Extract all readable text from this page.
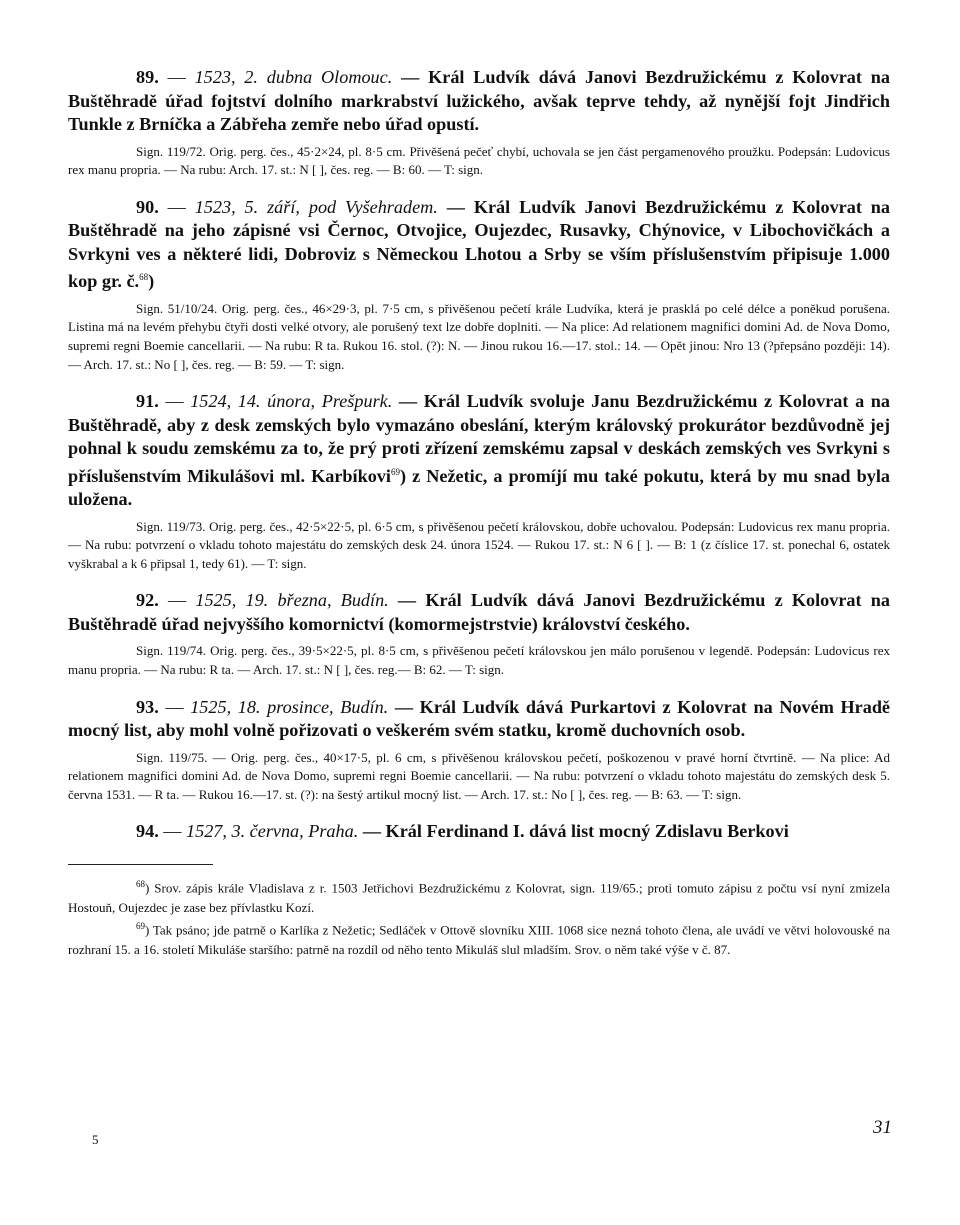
89. — 1523, 2. dubna Olomouc. — Král Ludvík dává Janovi Bezdružickému z Kolovrat na Buštěhradě úřad fojtství dolního markrabství lužického, avšak teprve tehdy, až nynější fojt Jindřich Tunkle z Brníčka a Zábřeha zemře nebo úřad opustí.

Sign. 119/72. Orig. perg. čes., 45·2×24, pl. 8·5 cm. Přivěšená pečeť chybí, uchovala se jen část pergamenového proužku. Podepsán: Ludovicus rex manu propria. — Na rubu: Arch. 17. st.: N [ ], čes. reg. — B: 60. — T: sign.

90. — 1523, 5. září, pod Vyšehradem. — Král Ludvík Janovi Bezdružickému z Kolovrat na Buštěhradě na jeho zápisné vsi Černoc, Otvojice, Oujezdec, Rusavky, Chýnovice, v Libochovičkách a Svrkyni ves a některé lidi, Dobroviz s Německou Lhotou a Srby se vším příslušenstvím připisuje 1.000 kop gr. č.$^{68}$)

Sign. 51/10/24. Orig. perg. čes., 46×29·3, pl. 7·5 cm, s přivěšenou pečetí krále Ludvíka, která je prasklá po celé délce a poněkud porušena. Listina má na levém přehybu čtyři dosti velké otvory, ale porušený text lze dobře doplniti. — Na plice: Ad relationem magnifici domini Ad. de Nova Domo, supremi regni Boemie cancellarii. — Na rubu: R ta. Rukou 16. stol. (?): N. — Jinou rukou 16.—17. stol.: 14. — Opět jinou: Nro 13 (?přepsáno později: 14). — Arch. 17. st.: No [ ], čes. reg. — B: 59. — T: sign.

91. — 1524, 14. února, Prešpurk. — Král Ludvík svoluje Janu Bezdružickému z Kolovrat a na Buštěhradě, aby z desk zemských bylo vymazáno obeslání, kterým královský prokurátor bezdůvodně jej pohnal k soudu zemskému za to, že prý proti zřízení zemskému zapsal v deskách zemských ves Svrkyni s příslušenstvím Mikulášovi ml. Karbíkovi$^{69}$) z Nežetic, a promíjí mu také pokutu, která by mu snad byla uložena.

Sign. 119/73. Orig. perg. čes., 42·5×22·5, pl. 6·5 cm, s přivěšenou pečetí královskou, dobře uchovalou. Podepsán: Ludovicus rex manu propria. — Na rubu: potvrzení o vkladu tohoto majestátu do zemských desk 24. února 1524. — Rukou 17. st.: N 6 [ ]. — B: 1 (z číslice 17. st. ponechal 6, ostatek vyškrabal a k 6 připsal 1, tedy 61). — T: sign.

92. — 1525, 19. března, Budín. — Král Ludvík dává Janovi Bezdružickému z Kolovrat na Buštěhradě úřad nejvyššího komornictví (komormejstrstvie) království českého.

Sign. 119/74. Orig. perg. čes., 39·5×22·5, pl. 8·5 cm, s přivěšenou pečetí královskou jen málo porušenou v legendě. Podepsán: Ludovicus rex manu propria. — Na rubu: R ta. — Arch. 17. st.: N [ ], čes. reg.— B: 62. — T: sign.

93. — 1525, 18. prosince, Budín. — Král Ludvík dává Purkartovi z Kolovrat na Novém Hradě mocný list, aby mohl volně pořizovati o veškerém svém statku, kromě duchovních osob.

Sign. 119/75. — Orig. perg. čes., 40×17·5, pl. 6 cm, s přivěšenou královskou pečetí, poškozenou v pravé horní čtvrtině. — Na plice: Ad relationem magnifici domini Ad. de Nova Domo, supremi regni Boemie cancellarii. — Na rubu: potvrzení o vkladu tohoto majestátu do zemských desk 5. června 1531. — R ta. — Rukou 16.—17. st. (?): na šestý artikul mocný list. — Arch. 17. st.: No [ ], čes. reg. — B: 63. — T: sign.

94. — 1527, 3. června, Praha. — Král Ferdinand I. dává list mocný Zdislavu Berkovi

$^{68}$) Srov. zápis krále Vladislava z r. 1503 Jetřichovi Bezdružickému z Kolovrat, sign. 119/65.; proti tomuto zápisu z počtu vsí nyní zmizela Hostouň, Oujezdec je zase bez přívlastku Kozí.

$^{69}$) Tak psáno; jde patrně o Karlíka z Nežetic; Sedláček v Ottově slovníku XIII. 1068 sice nezná tohoto člena, ale uvádí ve větvi holovouské na rozhraní 15. a 16. století Mikuláše staršího: patrně na rozdíl od něho tento Mikuláš slul mladším. Srov. o něm také výše v č. 87.

5
31
